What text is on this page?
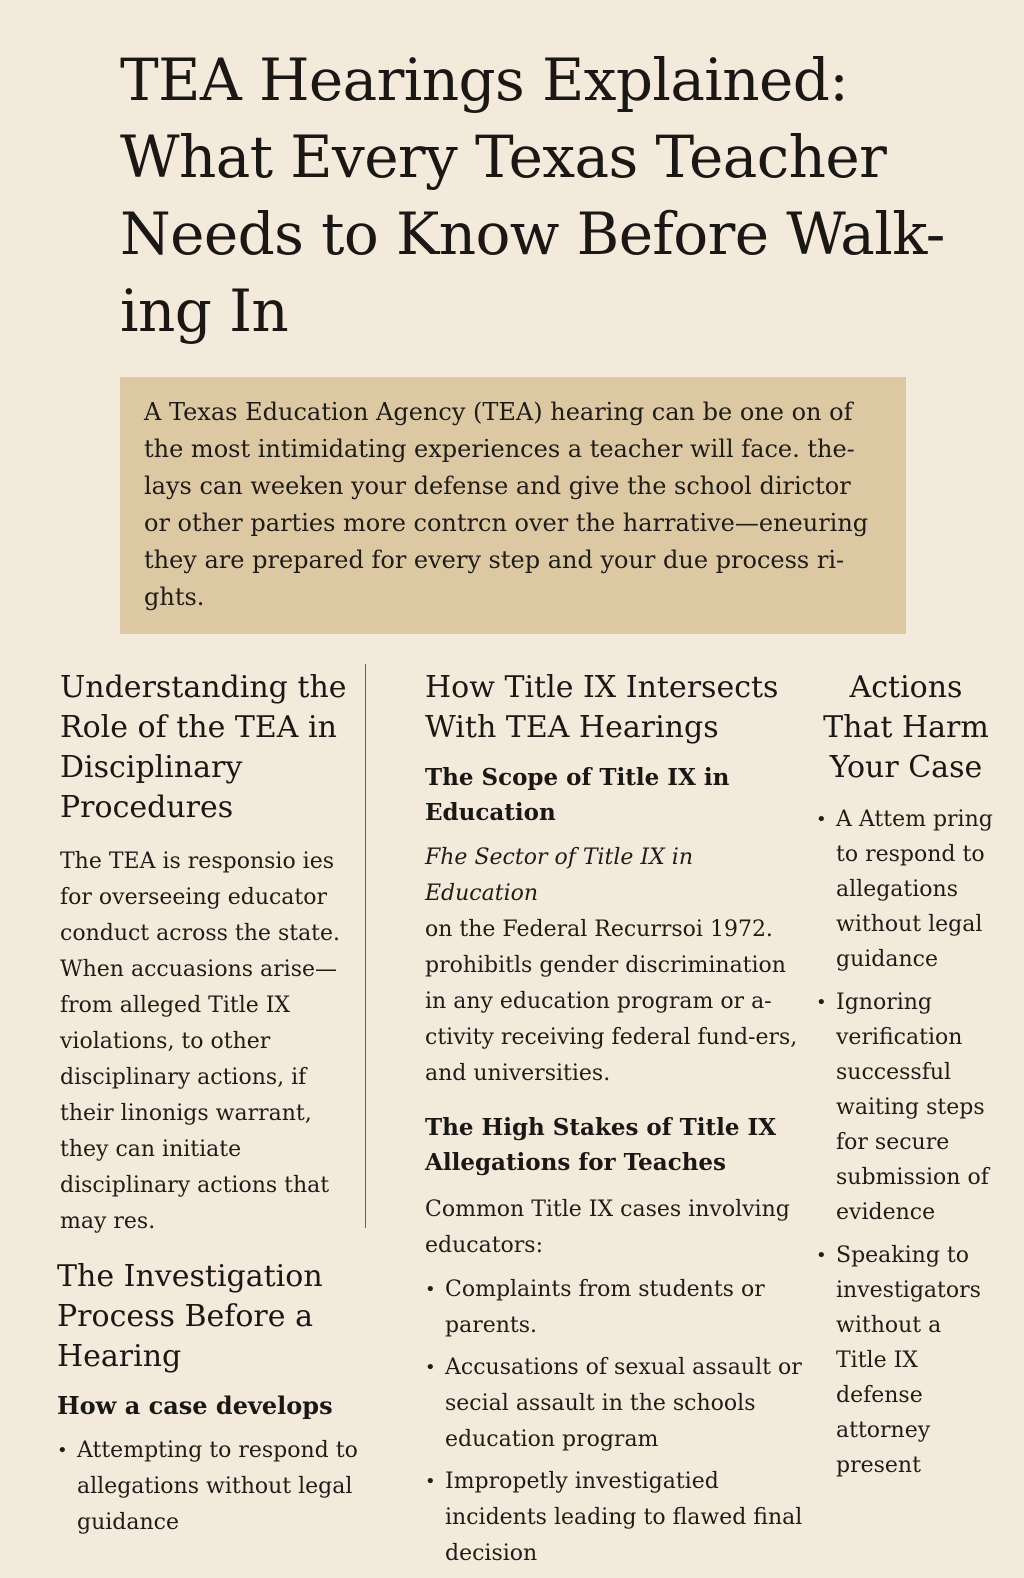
TEA Hearings Explained: What Every Texas Teacher Needs to Know Before Walk-ing In
A Texas Education Agency (TEA) hearing can be one on of the most intimidating experiences a teacher will face. the-lays can weeken your defense and give the school dirictor or other parties more contrcn over the harrative—eneuring they are prepared for every step and your due process ri-ghts.
Understanding the Role of the TEA in Disciplinary Procedures

The TEA is responsio ies for overseeing educator conduct across the state. When accuasions arise— from alleged Title IX violations, to other disciplinary actions, if their linonigs warrant, they can initiate disciplinary actions that may res.

The Investigation Process Before a Hearing
How a case develops
• Attempting to respond to allegations without legal guidance
How Title IX Intersects With TEA Hearings
The Scope of Title IX in Education

Fhe Sector of Title IX in Education

on the Federal Recurrsoi 1972. prohibitls gender discrimination in any education program or a-ctivity receiving federal fund-ers, and universities.

The High Stakes of Title IX Allegations for Teaches

Common Title IX cases involving educators:

• Complaints from students or parents.
• Accusations of sexual assault or secial assault in the schools education program
• Impropetly investigatied incidents leading to flawed final decision
Actions That Harm Your Case
• A Attem pring to respond to allegations without legal guidance
• Ignoring verification successful waiting steps for secure submission of evidence
• Speaking to investigators without a Title IX defense attorney present
